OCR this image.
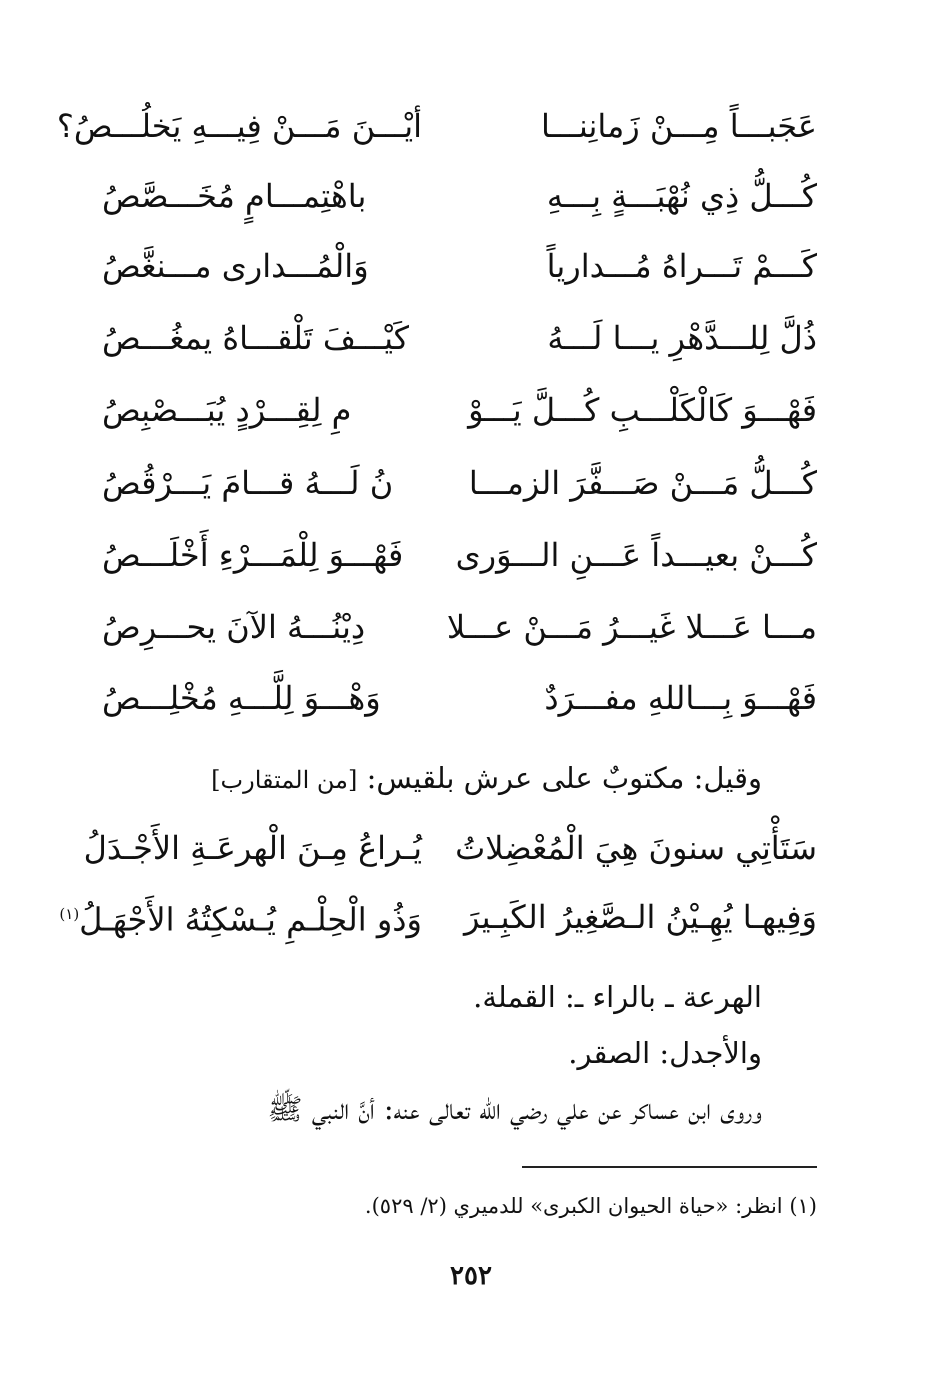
عَجَبـــاً مِـــنْ زَمانِنـــا
أيْـــنَ مَـــنْ فِيـــهِ يَخلُـــصُ؟
كُـــلُّ ذِي نُهْبَـــةٍ بِـــهِ
باهْتِمـــامٍ مُخَـــصَّصُ
كَـــمْ تَـــراهُ مُـــدارياً
وَالْمُـــدارى مـــنغَّصُ
ذُلَّ لِلـــدَّهْرِ يـــا لَـــهُ
كَيْـــفَ تَلْقـــاهُ يمغُـــصُ
فَهْـــوَ كَالْكَلْـــبِ كُـــلَّ يَـــوْ
مِ لِقِـــرْدٍ يُبَـــصْبِصُ
كُـــلُّ مَـــنْ صَـــفَّرَ الزمـــا
نُ لَـــهُ قـــامَ يَـــرْقُصُ
كُـــنْ بعيـــداً عَـــنِ الـــوَرى
فَهْـــوَ لِلْمَـــرْءِ أَخْلَـــصُ
مـــا عَـــلا غَيـــرُ مَـــنْ عـــلا
دِيْنُـــهُ الآنَ يحـــرِصُ
فَهْـــوَ بِـــاللهِ مفـــرَدٌ
وَهْـــوَ لِلَّـــهِ مُخْلِـــصُ
وقيل: مكتوبٌ على عرش بلقيس: [من المتقارب]
سَتَأْتِي سنونَ هِيَ الْمُعْضِلاتُ
يُـراعُ مِـنَ الْهرعَـةِ الأَجْـدَلُ
وَفِيهـا يُهِـيْنُ الـصَّغِيرُ الكَبِـيرَ
وَذُو الْحِلْـمِ يُـسْكِتُهُ الأَجْهَـلُ$^{(١)}$
الهرعة ـ بالراء ـ: القملة.
والأجدل: الصقر.
وروى ابن عساكر عن علي رضي الله تعالى عنه: أنَّ النبي ﷺ
(١) انظر: «حياة الحيوان الكبرى» للدميري (٢/ ٥٢٩).
٢٥٢
